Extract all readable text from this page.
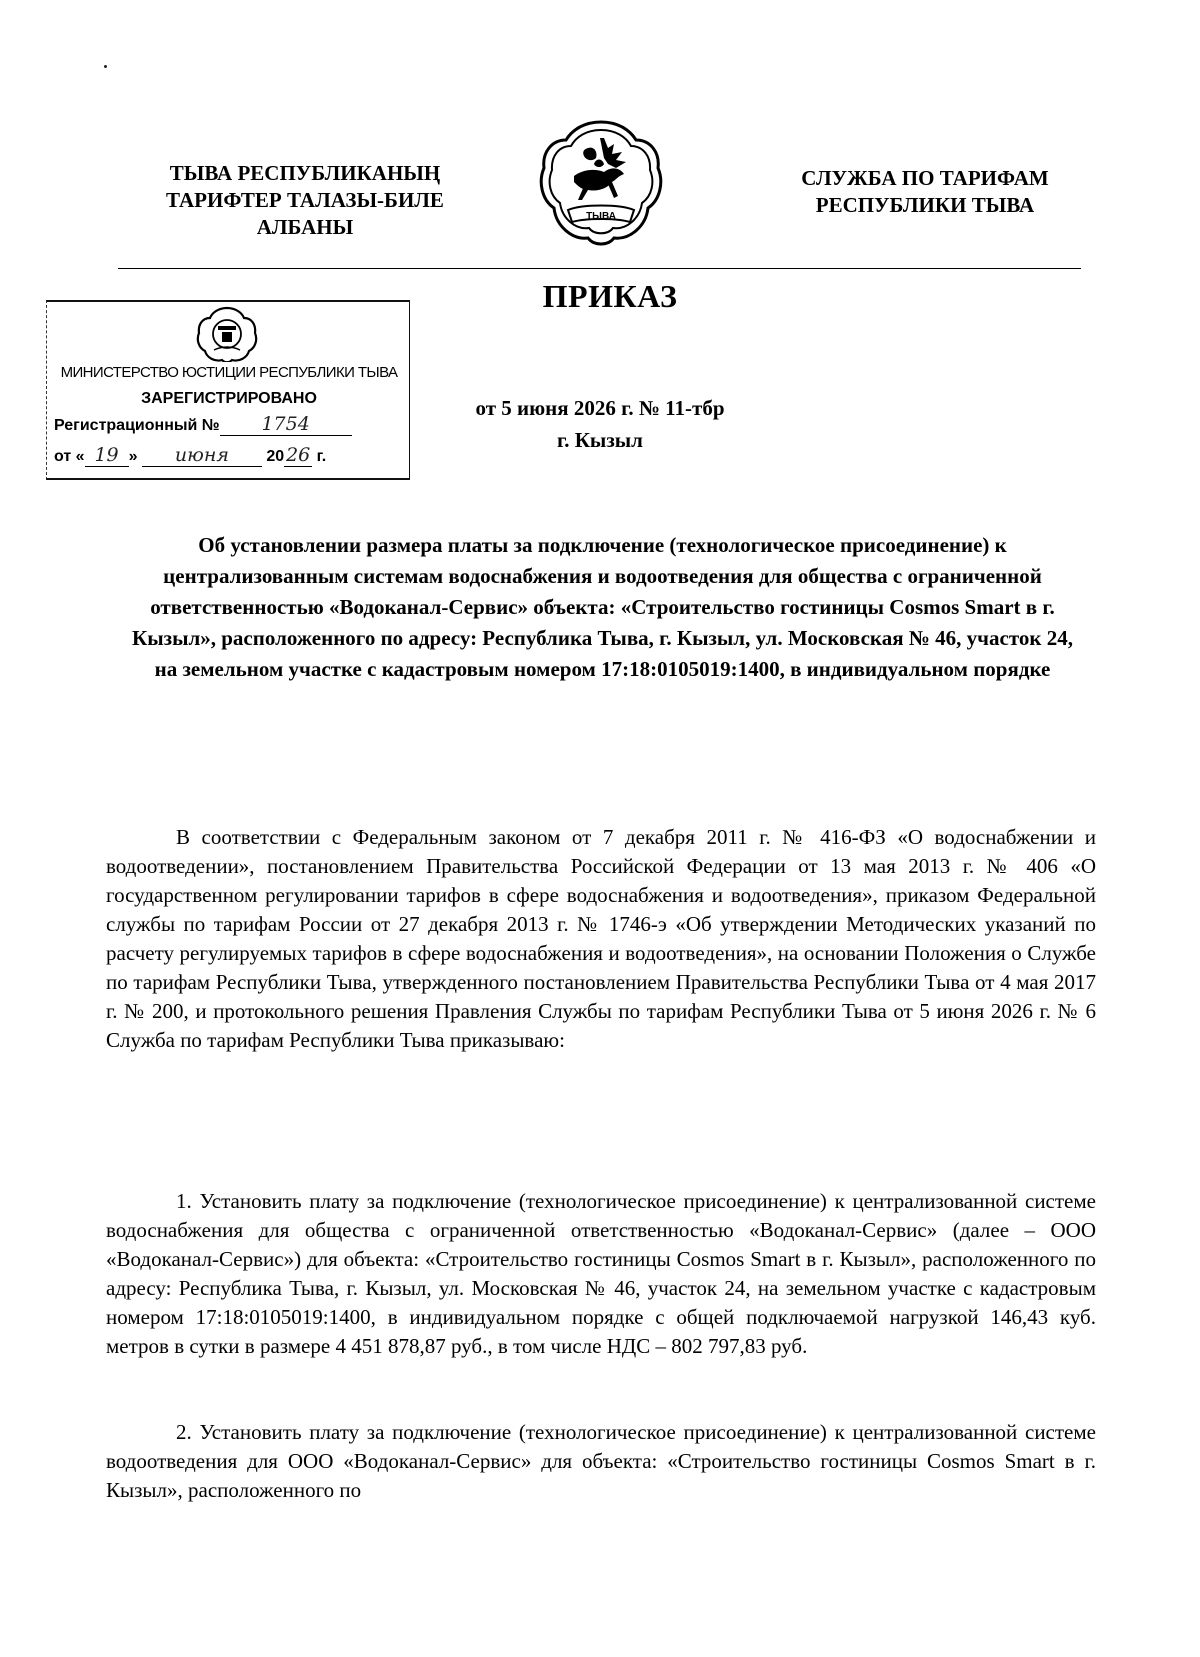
ТЫВА РЕСПУБЛИКАНЫҢ
ТАРИФТЕР ТАЛАЗЫ-БИЛЕ
АЛБАНЫ	ТЫВА
СЛУЖБА ПО ТАРИФАМ
РЕСПУБЛИКИ ТЫВА
ПРИКАЗ
МИНИСТЕРСТВО ЮСТИЦИИ РЕСПУБЛИКИ ТЫВА
ЗАРЕГИСТРИРОВАНО
Регистрационный № 1754
от « 19 » июня 20 26 г.
от 5 июня 2026 г. № 11-тбр
г. Кызыл
Об установлении размера платы за подключение (технологическое присоединение) к централизованным системам водоснабжения и водоотведения для общества с ограниченной ответственностью «Водоканал-Сервис» объекта: «Строительство гостиницы Cosmos Smart в г. Кызыл», расположенного по адресу: Республика Тыва, г. Кызыл, ул. Московская № 46, участок 24, на земельном участке с кадастровым номером 17:18:0105019:1400, в индивидуальном порядке
В соответствии с Федеральным законом от 7 декабря 2011 г. № 416-ФЗ «О водоснабжении и водоотведении», постановлением Правительства Российской Федерации от 13 мая 2013 г. № 406 «О государственном регулировании тарифов в сфере водоснабжения и водоотведения», приказом Федеральной службы по тарифам России от 27 декабря 2013 г. № 1746-э «Об утверждении Методических указаний по расчету регулируемых тарифов в сфере водоснабжения и водоотведения», на основании Положения о Службе по тарифам Республики Тыва, утвержденного постановлением Правительства Республики Тыва от 4 мая 2017 г. № 200, и протокольного решения Правления Службы по тарифам Республики Тыва от 5 июня 2026 г. № 6 Служба по тарифам Республики Тыва приказываю:
1. Установить плату за подключение (технологическое присоединение) к централизованной системе водоснабжения для общества с ограниченной ответственностью «Водоканал-Сервис» (далее – ООО «Водоканал-Сервис») для объекта: «Строительство гостиницы Cosmos Smart в г. Кызыл», расположенного по адресу: Республика Тыва, г. Кызыл, ул. Московская № 46, участок 24, на земельном участке с кадастровым номером 17:18:0105019:1400, в индивидуальном порядке с общей подключаемой нагрузкой 146,43 куб. метров в сутки в размере 4 451 878,87 руб., в том числе НДС – 802 797,83 руб.
2. Установить плату за подключение (технологическое присоединение) к централизованной системе водоотведения для ООО «Водоканал-Сервис» для объекта: «Строительство гостиницы Cosmos Smart в г. Кызыл», расположенного по
